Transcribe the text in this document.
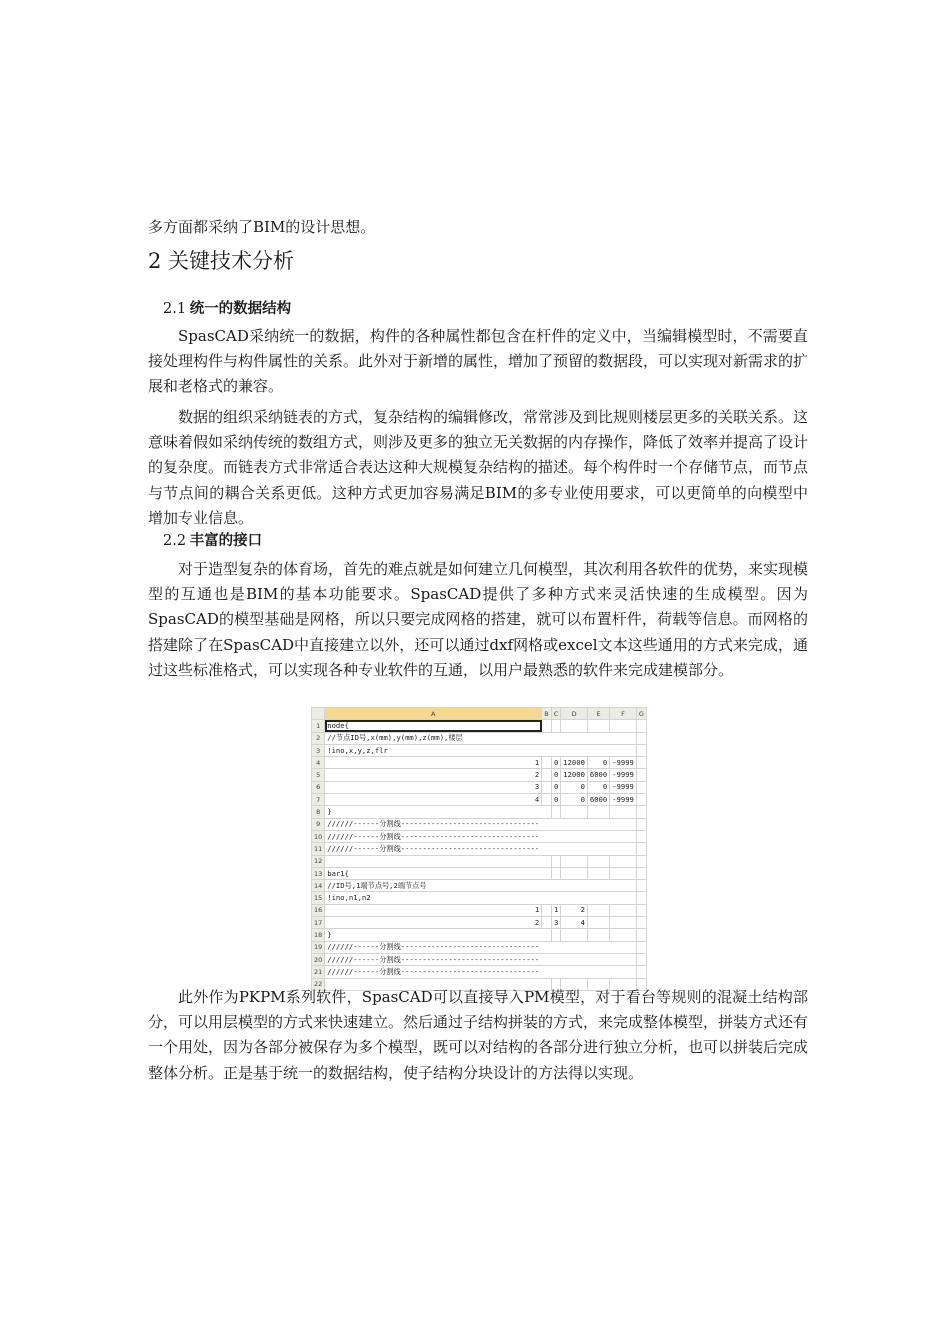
多方面都采纳了BIM的设计思想。
2 关键技术分析
2.1 统一的数据结构
SpasCAD采纳统一的数据，构件的各种属性都包含在杆件的定义中，当编辑模型时，不需要直接处理构件与构件属性的关系。此外对于新增的属性，增加了预留的数据段，可以实现对新需求的扩展和老格式的兼容。
数据的组织采纳链表的方式，复杂结构的编辑修改，常常涉及到比规则楼层更多的关联关系。这意味着假如采纳传统的数组方式，则涉及更多的独立无关数据的内存操作，降低了效率并提高了设计的复杂度。而链表方式非常适合表达这种大规模复杂结构的描述。每个构件时一个存储节点，而节点与节点间的耦合关系更低。这种方式更加容易满足BIM的多专业使用要求，可以更简单的向模型中增加专业信息。
2.2 丰富的接口
对于造型复杂的体育场，首先的难点就是如何建立几何模型，其次利用各软件的优势，来实现模型的互通也是BIM的基本功能要求。SpasCAD提供了多种方式来灵活快速的生成模型。因为SpasCAD的模型基础是网格，所以只要完成网格的搭建，就可以布置杆件，荷载等信息。而网格的搭建除了在SpasCAD中直接建立以外，还可以通过dxf网格或excel文本这些通用的方式来完成，通过这些标准格式，可以实现各种专业软件的互通，以用户最熟悉的软件来完成建模部分。
	A	B	C	D	E	F	G
1	node{						
2	//节点ID号,x(mm),y(mm),z(mm),楼层						
3	!ino,x,y,z,flr						
4	1		0	12000	0	-9999	
5	2		0	12000	6000	-9999	
6	3		0	0	0	-9999	
7	4		0	0	6000	-9999	
8	}						
9	//////------分割线--------------------------------						
10	//////------分割线--------------------------------						
11	//////------分割线--------------------------------						
12							
13	bar1{						
14	//ID号,1端节点号,2端节点号						
15	!ino,n1,n2						
16	1		1	2			
17	2		3	4			
18	}						
19	//////------分割线--------------------------------						
20	//////------分割线--------------------------------						
21	//////------分割线--------------------------------						
22							
此外作为PKPM系列软件，SpasCAD可以直接导入PM模型，对于看台等规则的混凝土结构部分，可以用层模型的方式来快速建立。然后通过子结构拼装的方式，来完成整体模型，拼装方式还有一个用处，因为各部分被保存为多个模型，既可以对结构的各部分进行独立分析，也可以拼装后完成整体分析。正是基于统一的数据结构，使子结构分块设计的方法得以实现。
